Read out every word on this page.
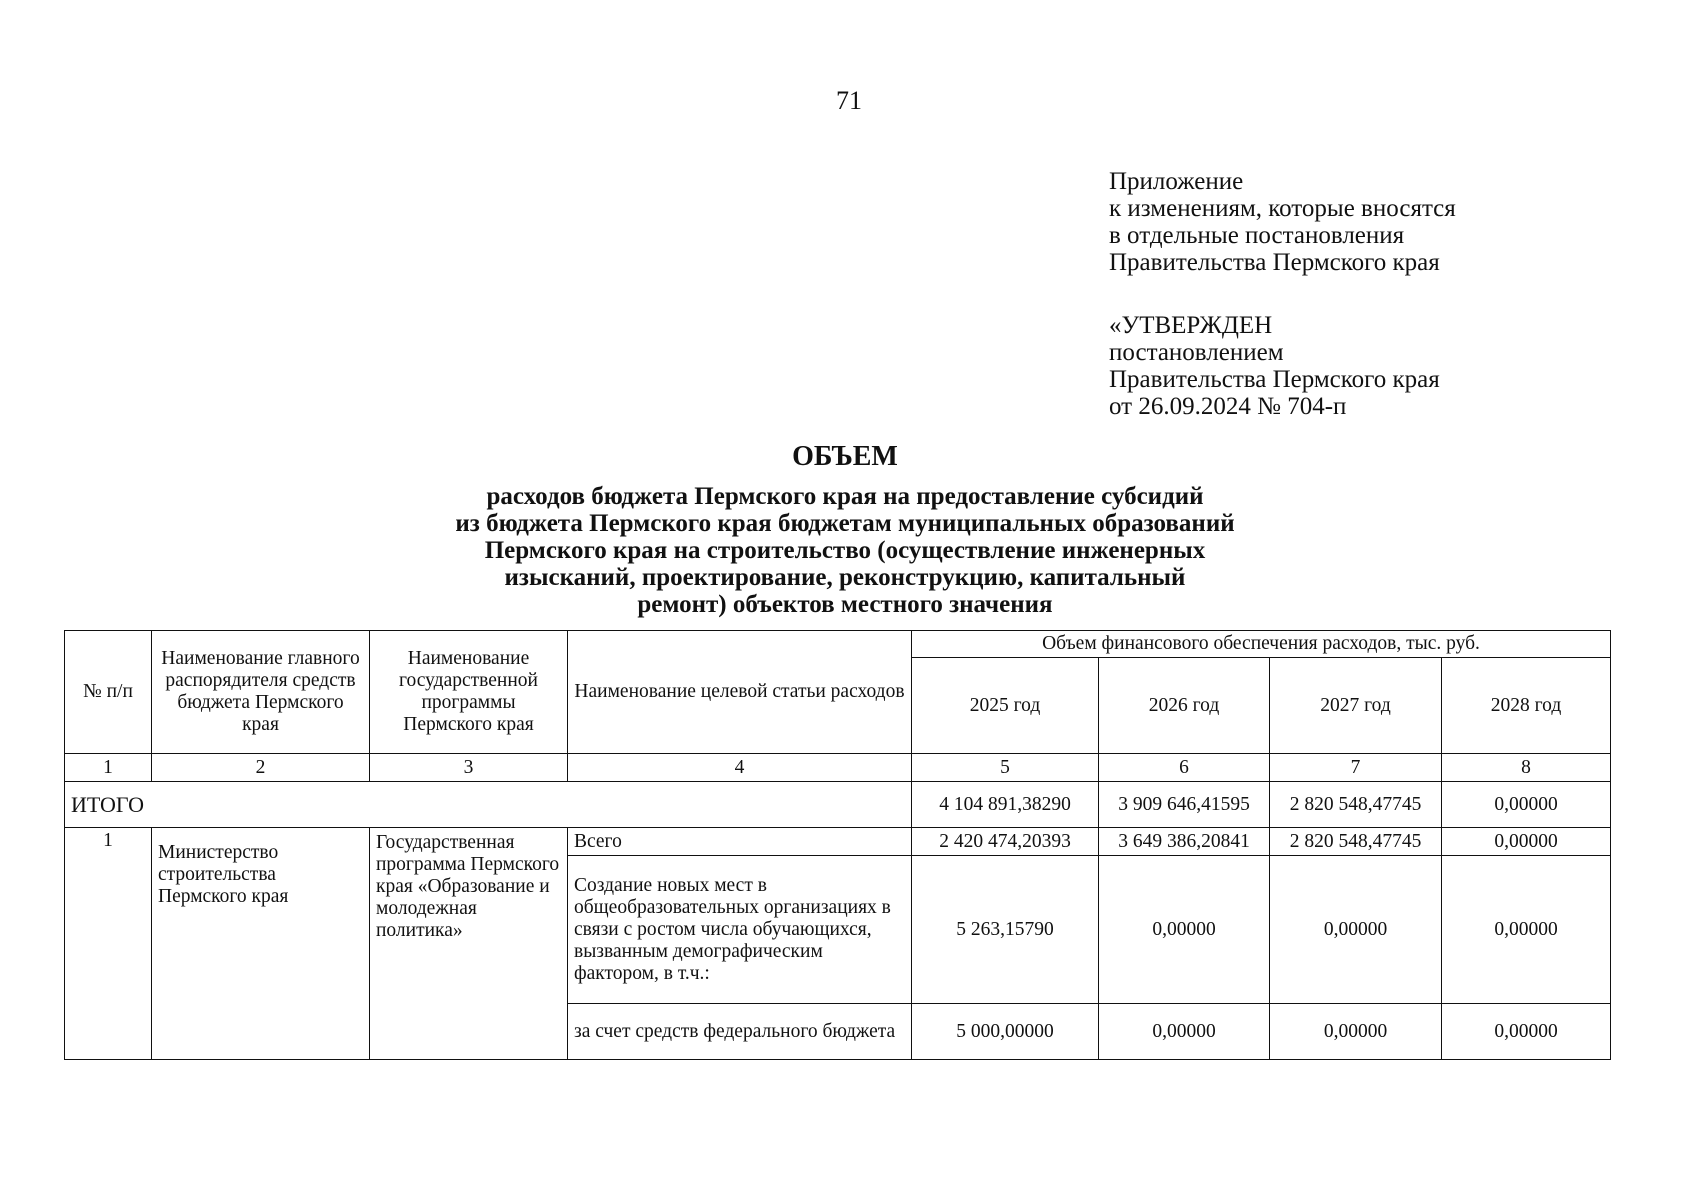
71
Приложение
к изменениям, которые вносятся
в отдельные постановления
Правительства Пермского края
«УТВЕРЖДЕН
постановлением
Правительства Пермского края
от 26.09.2024 № 704-п
ОБЪЕМ
расходов бюджета Пермского края на предоставление субсидий
из бюджета Пермского края бюджетам муниципальных образований
Пермского края на строительство (осуществление инженерных
изысканий, проектирование, реконструкцию, капитальный
ремонт) объектов местного значения
№ п/п	Наименование главного распорядителя средств бюджета Пермского края	Наименование государственной программы Пермского края	Наименование целевой статьи расходов	Объем финансового обеспечения расходов, тыс. руб.			
				2025 год	2026 год	2027 год	2028 год
1	2	3	4	5	6	7	8
ИТОГО				4 104 891,38290	3 909 646,41595	2 820 548,47745	0,00000
1	Министерство строительства Пермского края	Государственная программа Пермского края «Образование и молодежная политика»	Всего	2 420 474,20393	3 649 386,20841	2 820 548,47745	0,00000
			Создание новых мест в общеобразовательных организациях в связи с ростом числа обучающихся, вызванным демографическим фактором, в т.ч.:	5 263,15790	0,00000	0,00000	0,00000
			за счет средств федерального бюджета	5 000,00000	0,00000	0,00000	0,00000
